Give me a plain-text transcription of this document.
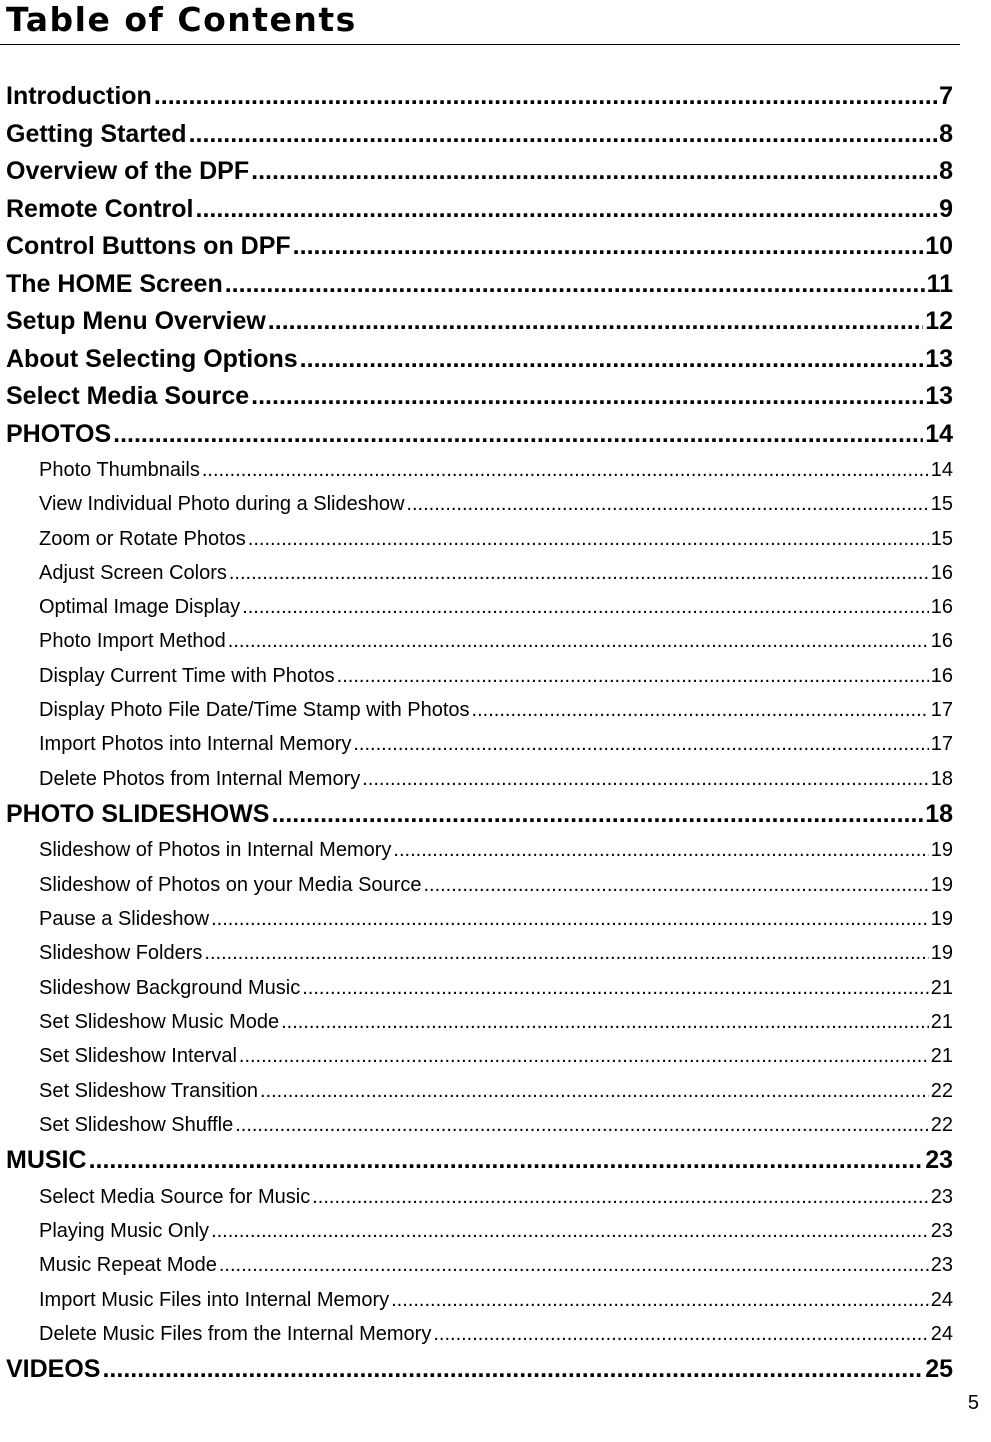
Table of Contents
Introduction .....	7
Getting Started .....	8
Overview of the DPF .....	8
Remote Control .....	9
Control Buttons on DPF .....	10
The HOME Screen .....	11
Setup Menu Overview .....	12
About Selecting Options .....	13
Select Media Source .....	13
PHOTOS .....	14
Photo Thumbnails .....	14
View Individual Photo during a Slideshow .....	15
Zoom or Rotate Photos .....	15
Adjust Screen Colors .....	16
Optimal Image Display .....	16
Photo Import Method .....	16
Display Current Time with Photos .....	16
Display Photo File Date/Time Stamp with Photos .....	17
Import Photos into Internal Memory .....	17
Delete Photos from Internal Memory .....	18
PHOTO SLIDESHOWS .....	18
Slideshow of Photos in Internal Memory .....	19
Slideshow of Photos on your Media Source .....	19
Pause a Slideshow .....	19
Slideshow Folders .....	19
Slideshow Background Music .....	21
Set Slideshow Music Mode .....	21
Set Slideshow Interval .....	21
Set Slideshow Transition .....	22
Set Slideshow Shuffle .....	22
MUSIC .....	23
Select Media Source for Music .....	23
Playing Music Only .....	23
Music Repeat Mode .....	23
Import Music Files into Internal Memory .....	24
Delete Music Files from the Internal Memory .....	24
VIDEOS .....	25
5
